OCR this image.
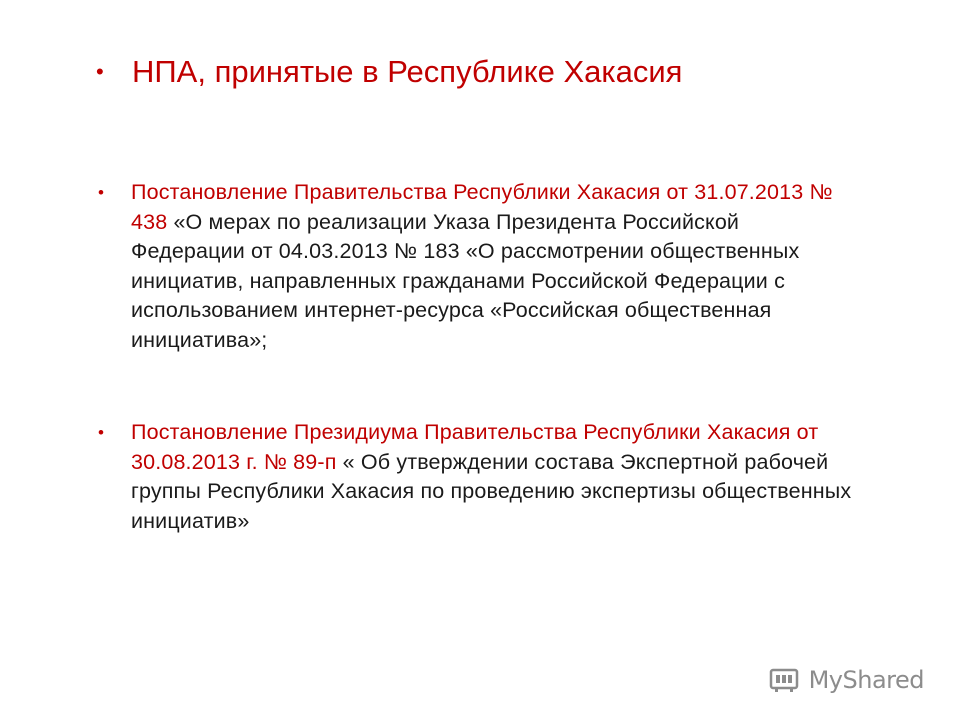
• НПА, принятые в Республике Хакасия
•	Постановление Правительства Республики Хакасия от 31.07.2013 № 438 «О мерах по реализации Указа Президента Российской Федерации от 04.03.2013 № 183 «О рассмотрении общественных инициатив, направленных гражданами Российской Федерации с использованием интернет-ресурса «Российская общественная инициатива»;
•	Постановление Президиума Правительства Республики Хакасия от 30.08.2013 г. № 89-п « Об утверждении состава Экспертной рабочей группы Республики Хакасия по проведению экспертизы общественных инициатив»
MyShared
